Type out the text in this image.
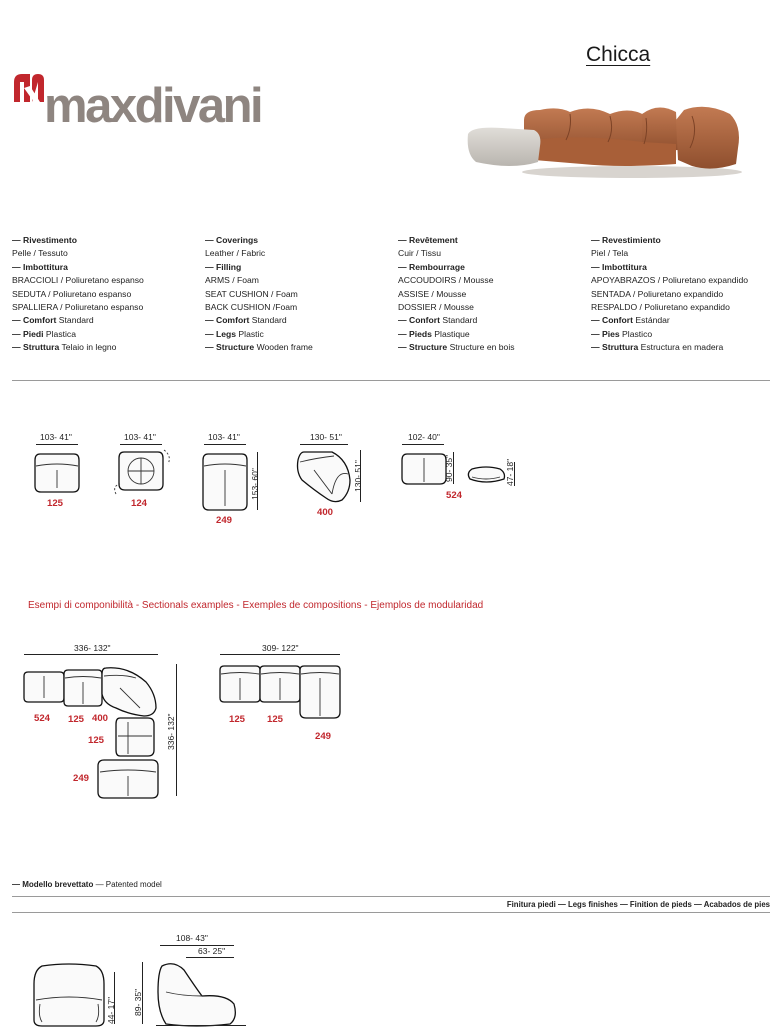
Chicca
maxdivani
— Rivestimento
Pelle / Tessuto
— Imbottitura
BRACCIOLI / Poliuretano espanso
SEDUTA / Poliuretano espanso
SPALLIERA / Poliuretano espanso
— Comfort Standard
— Piedi Plastica
— Struttura Telaio in legno
— Coverings
Leather / Fabric
— Filling
ARMS / Foam
SEAT CUSHION / Foam
BACK CUSHION /Foam
— Comfort Standard
— Legs Plastic
— Structure Wooden frame
— Revêtement
Cuir / Tissu
— Rembourrage
ACCOUDOIRS / Mousse
ASSISE / Mousse
DOSSIER / Mousse
— Confort Standard
— Pieds Plastique
— Structure Structure en bois
— Revestimiento
Piel / Tela
— Imbottitura
APOYABRAZOS / Poliuretano expandido
SENTADA / Poliuretano expandido
RESPALDO / Poliuretano expandido
— Confort Estándar
— Pies Plastico
— Struttura Estructura en madera
103- 41"
125
103- 41"
124
103- 41"
153- 60"
249
130- 51"
130- 51"
400
102- 40"
90- 35"	47- 18"
524
Esempi di componibilità - Sectionals examples - Exemples de compositions - Ejemplos de modularidad
336- 132"
336- 132"
524 125 400
125
249
309- 122"
125 125
249
— Modello brevettato — Patented model
Finitura piedi — Legs finishes — Finition de pieds — Acabados de pies
44- 17" 89- 35"
108- 43"
63- 25"
